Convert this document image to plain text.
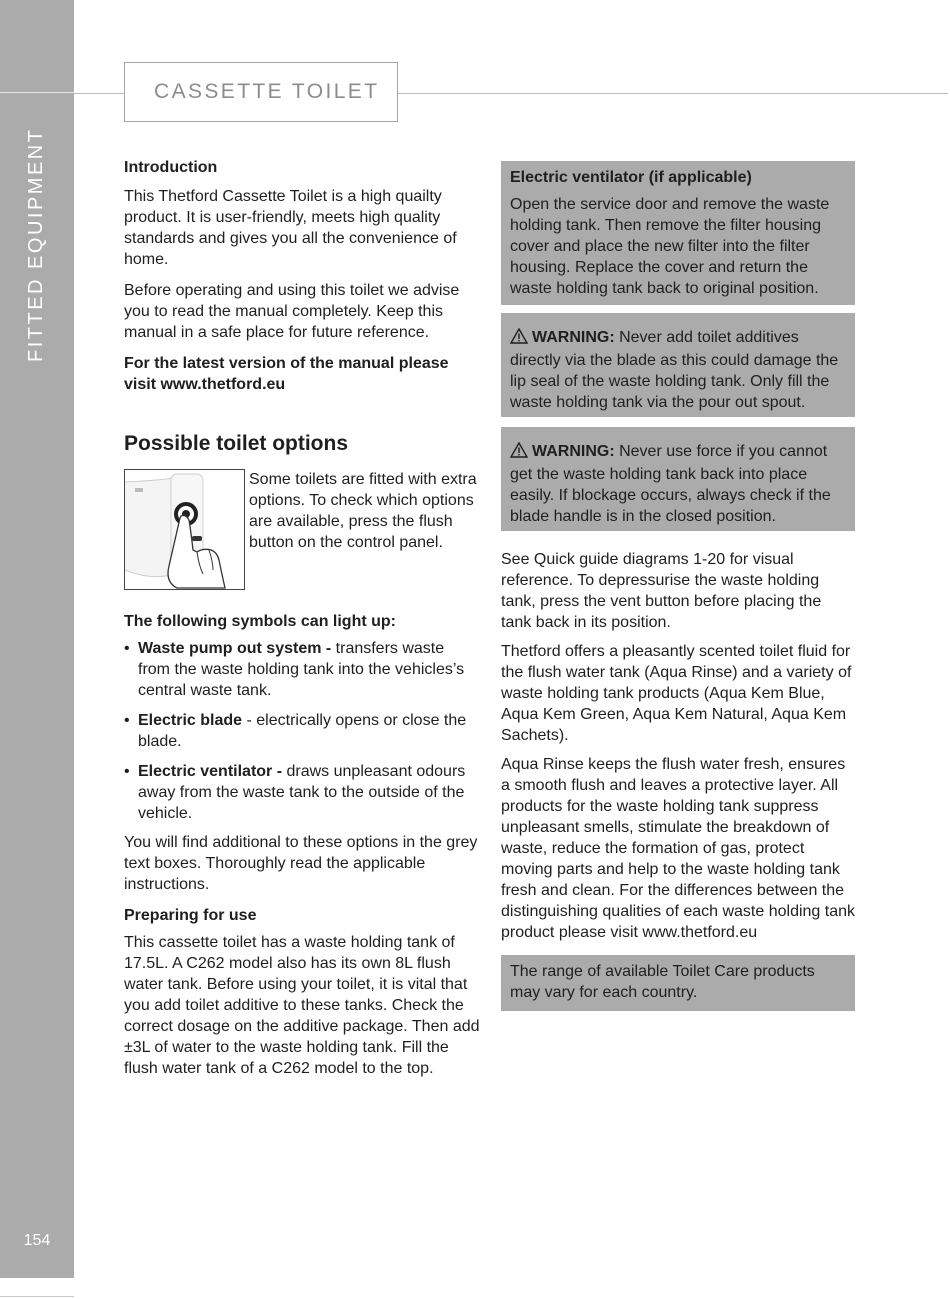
FITTED EQUIPMENT
154
CASSETTE TOILET
Introduction

This Thetford Cassette Toilet is a high quailty product. It is user-friendly, meets high quality standards and gives you all the convenience of home.

Before operating and using this toilet we advise you to read the manual completely. Keep this manual in a safe place for future reference.

For the latest version of the manual please visit www.thetford.eu

Possible toilet options

Some toilets are fitted with extra options. To check which options are available, press the flush button on the control panel.

The following symbols can light up:
• Waste pump out system - transfers waste from the waste holding tank into the vehicles’s central waste tank.
• Electric blade - electrically opens or close the blade.
• Electric ventilator - draws unpleasant odours away from the waste tank to the outside of the vehicle.

You will find additional to these options in the grey text boxes. Thoroughly read the applicable instructions.

Preparing for use

This cassette toilet has a waste holding tank of 17.5L. A C262 model also has its own 8L flush water tank. Before using your toilet, it is vital that you add toilet additive to these tanks. Check the correct dosage on the additive package. Then add ±3L of water to the waste holding tank. Fill the flush water tank of a C262 model to the top.

Electric ventilator (if applicable)

Open the service door and remove the waste holding tank. Then remove the filter housing cover and place the new filter into the filter housing. Replace the cover and return the waste holding tank back to original position.

WARNING: Never add toilet additives directly via the blade as this could damage the lip seal of the waste holding tank. Only fill the waste holding tank via the pour out spout.

WARNING: Never use force if you cannot get the waste holding tank back into place easily. If blockage occurs, always check if the blade handle is in the closed position.

See Quick guide diagrams 1-20 for visual reference. To depressurise the waste holding tank, press the vent button before placing the tank back in its position.

Thetford offers a pleasantly scented toilet fluid for the flush water tank (Aqua Rinse) and a variety of waste holding tank products (Aqua Kem Blue, Aqua Kem Green, Aqua Kem Natural, Aqua Kem Sachets).

Aqua Rinse keeps the flush water fresh, ensures a smooth flush and leaves a protective layer. All products for the waste holding tank suppress unpleasant smells, stimulate the breakdown of waste, reduce the formation of gas, protect moving parts and help to the waste holding tank fresh and clean. For the differences between the distinguishing qualities of each waste holding tank product please visit www.thetford.eu

The range of available Toilet Care products may vary for each country.
